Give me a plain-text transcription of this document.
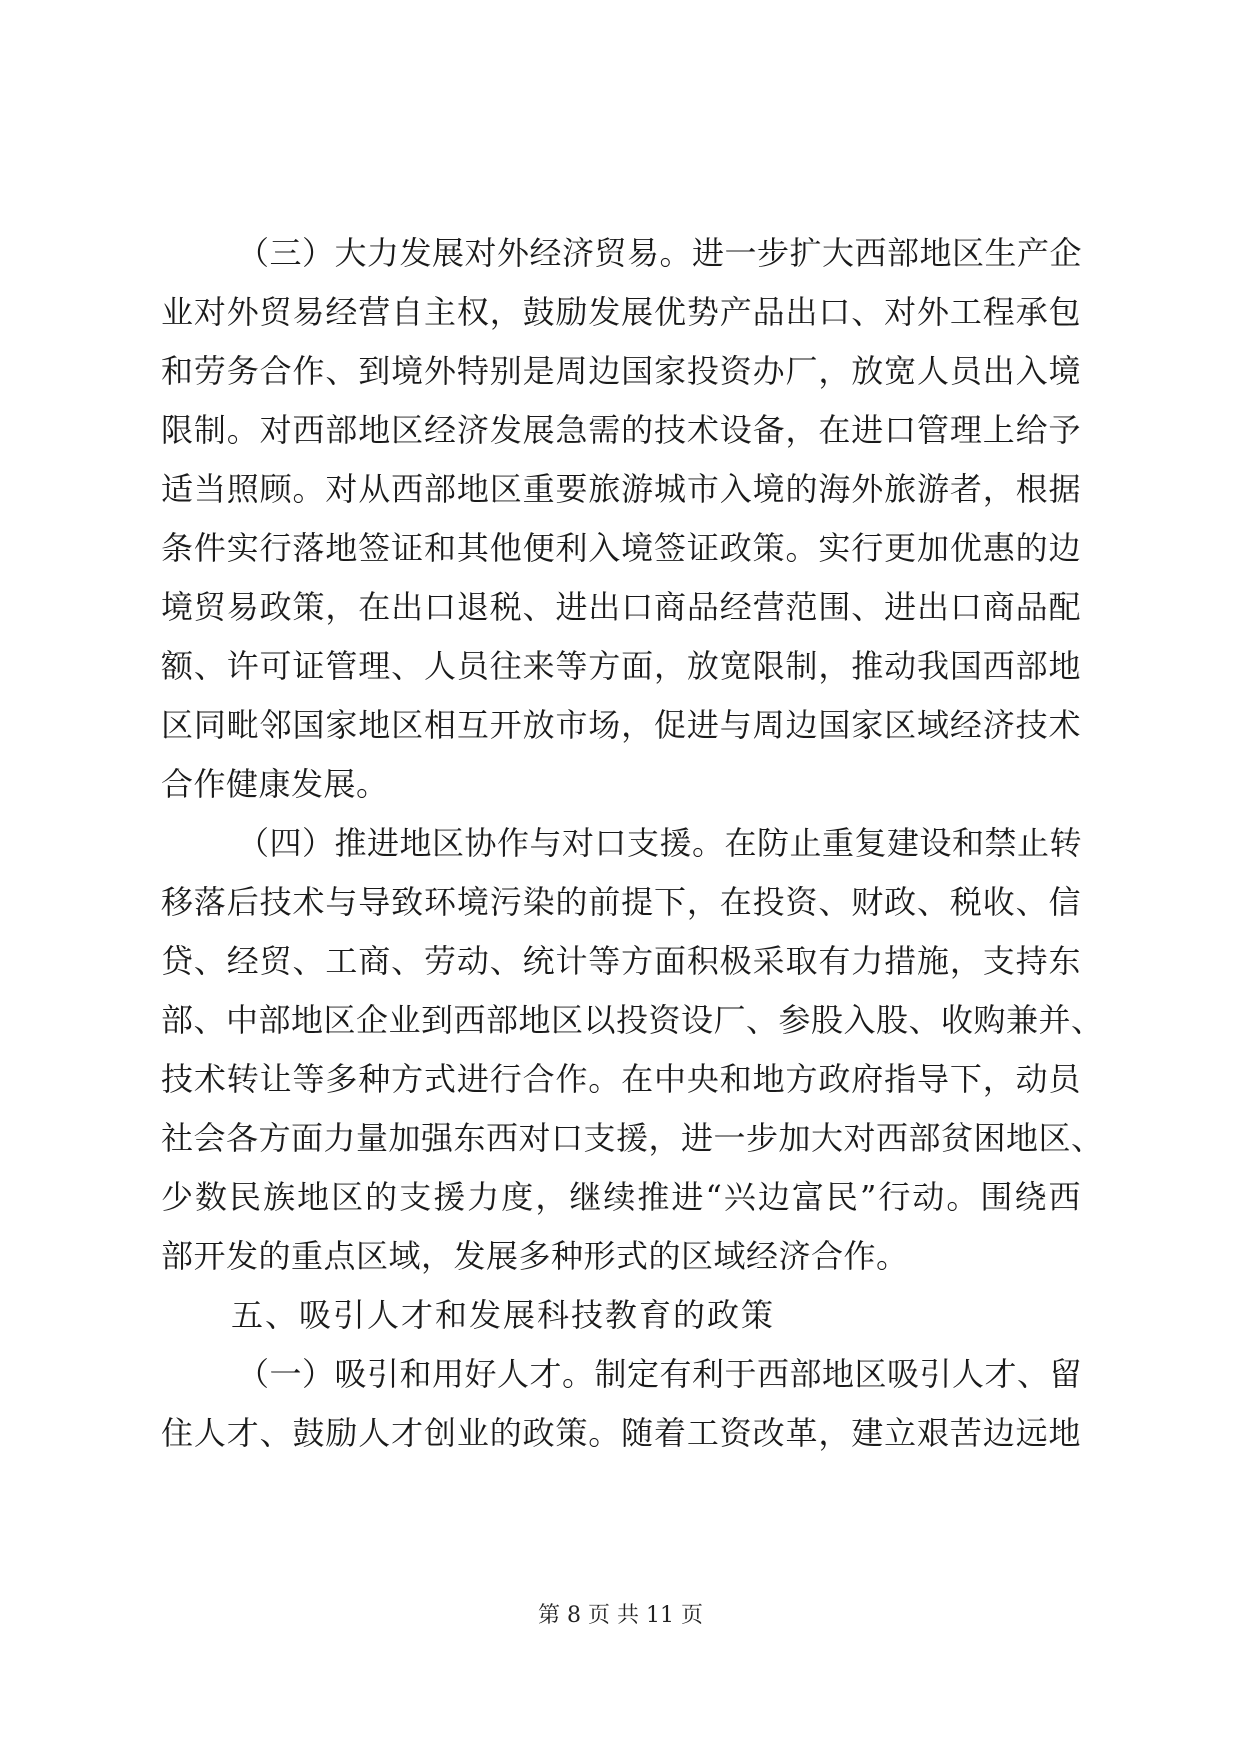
（三）大力发展对外经济贸易。进一步扩大西部地区生产企
业对外贸易经营自主权，鼓励发展优势产品出口、对外工程承包
和劳务合作、到境外特别是周边国家投资办厂，放宽人员出入境
限制。对西部地区经济发展急需的技术设备，在进口管理上给予
适当照顾。对从西部地区重要旅游城市入境的海外旅游者，根据
条件实行落地签证和其他便利入境签证政策。实行更加优惠的边
境贸易政策，在出口退税、进出口商品经营范围、进出口商品配
额、许可证管理、人员往来等方面，放宽限制，推动我国西部地
区同毗邻国家地区相互开放市场，促进与周边国家区域经济技术
合作健康发展。
（四）推进地区协作与对口支援。在防止重复建设和禁止转
移落后技术与导致环境污染的前提下，在投资、财政、税收、信
贷、经贸、工商、劳动、统计等方面积极采取有力措施，支持东
部、中部地区企业到西部地区以投资设厂、参股入股、收购兼并、
技术转让等多种方式进行合作。在中央和地方政府指导下，动员
社会各方面力量加强东西对口支援，进一步加大对西部贫困地区、
少数民族地区的支援力度，继续推进“兴边富民”行动。围绕西
部开发的重点区域，发展多种形式的区域经济合作。
五、吸引人才和发展科技教育的政策
（一）吸引和用好人才。制定有利于西部地区吸引人才、留
住人才、鼓励人才创业的政策。随着工资改革，建立艰苦边远地
第 8 页 共 11 页
